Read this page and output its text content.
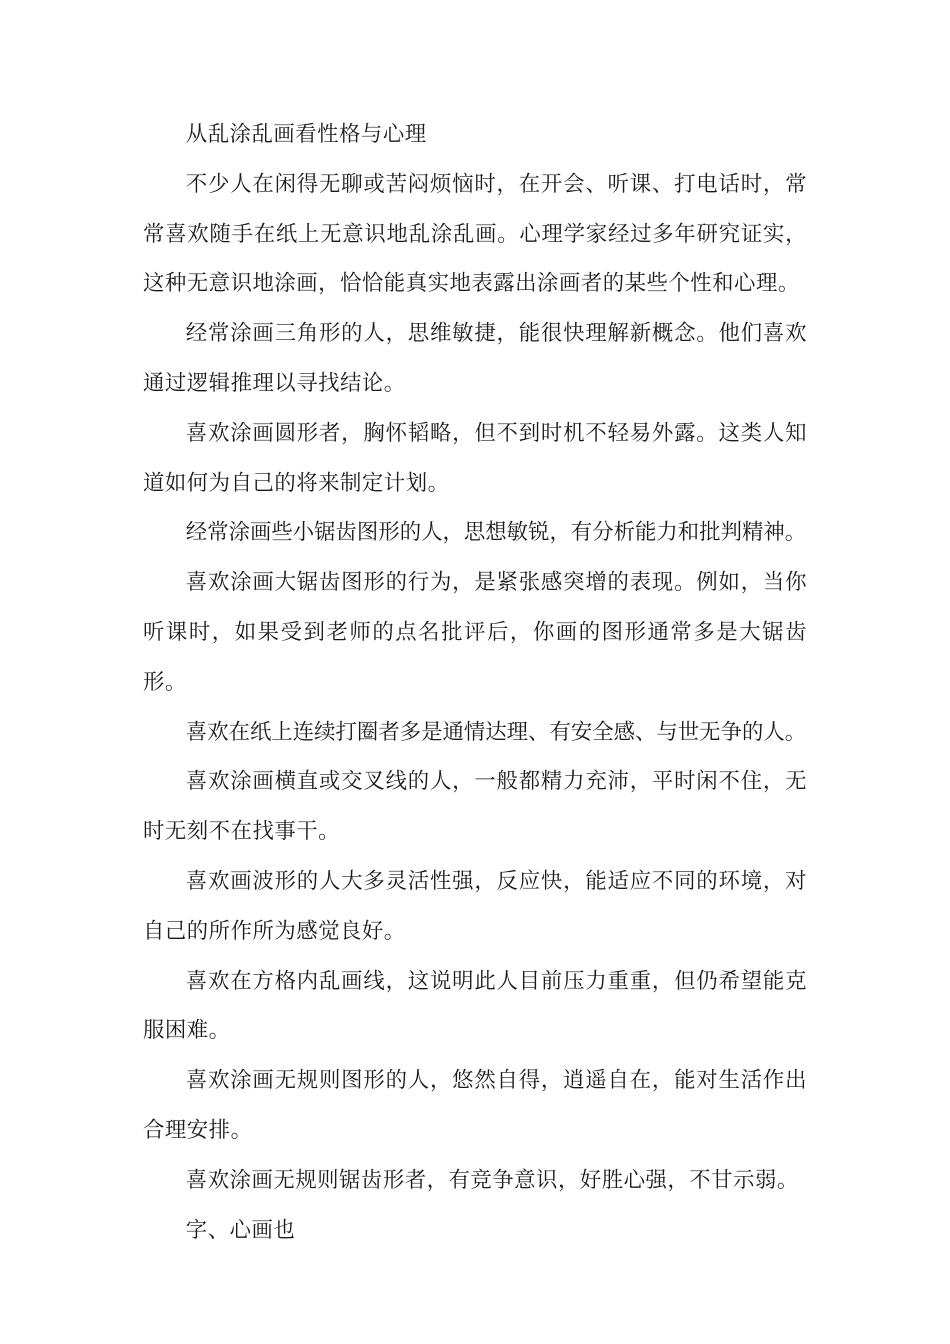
从乱涂乱画看性格与心理

不少人在闲得无聊或苦闷烦恼时，在开会、听课、打电话时，常常喜欢随手在纸上无意识地乱涂乱画。心理学家经过多年研究证实，这种无意识地涂画，恰恰能真实地表露出涂画者的某些个性和心理。

经常涂画三角形的人，思维敏捷，能很快理解新概念。他们喜欢通过逻辑推理以寻找结论。

喜欢涂画圆形者，胸怀韬略，但不到时机不轻易外露。这类人知道如何为自己的将来制定计划。

经常涂画些小锯齿图形的人，思想敏锐，有分析能力和批判精神。

喜欢涂画大锯齿图形的行为，是紧张感突增的表现。例如，当你听课时，如果受到老师的点名批评后，你画的图形通常多是大锯齿形。

喜欢在纸上连续打圈者多是通情达理、有安全感、与世无争的人。

喜欢涂画横直或交叉线的人，一般都精力充沛，平时闲不住，无时无刻不在找事干。

喜欢画波形的人大多灵活性强，反应快，能适应不同的环境，对自己的所作所为感觉良好。

喜欢在方格内乱画线，这说明此人目前压力重重，但仍希望能克服困难。

喜欢涂画无规则图形的人，悠然自得，逍遥自在，能对生活作出合理安排。

喜欢涂画无规则锯齿形者，有竞争意识，好胜心强，不甘示弱。

字、心画也
